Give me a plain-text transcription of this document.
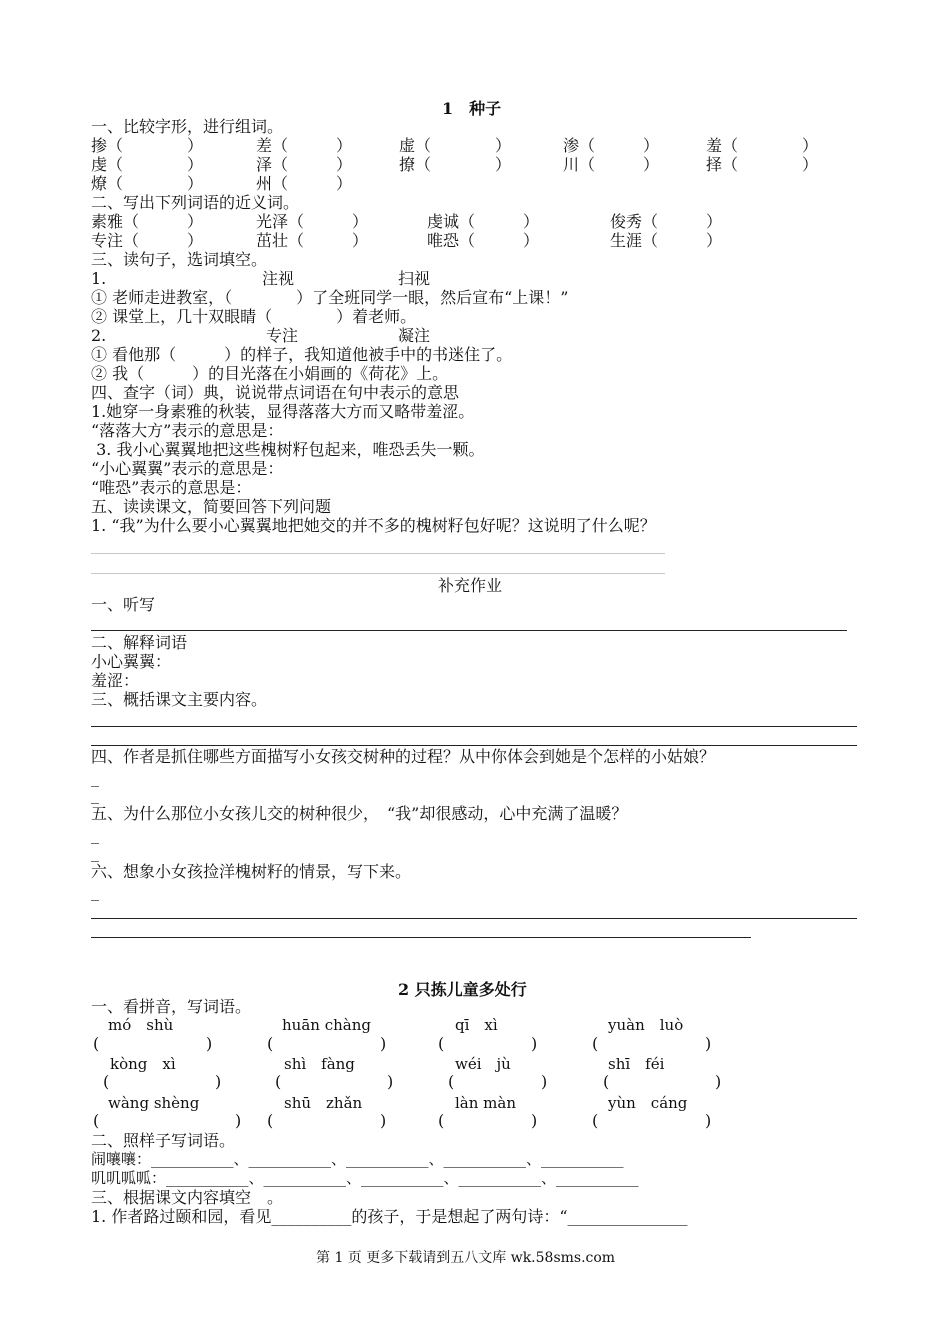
1　种子
一、比较字形，进行组词。
掺（　　　　）	差（　　　）	虚（　　　　）	渗（　　　）	羞（　　　　）
虔（　　　　）	泽（　　　）	撩（　　　　）	川（　　　）	择（　　　　）
燎（　　　　）	州（　　　）
二、写出下列词语的近义词。
素雅（　　　）	光泽（　　　）	虔诚（　　　）	俊秀（　　　）
专注（　　　）	茁壮（　　　）	唯恐（　　　）	生涯（　　　）
三、读句子，选词填空。
1.	注视	扫视
① 老师走进教室，（　　　　）了全班同学一眼，然后宣布“上课！”
② 课堂上，几十双眼睛（　　　　）着老师。
2.	专注	凝注
① 看他那（　　　）的样子，我知道他被手中的书迷住了。
② 我（　　　）的目光落在小娟画的《荷花》上。
四、查字（词）典，说说带点词语在句中表示的意思
1.她穿一身素雅的秋装，显得落落大方而又略带羞涩。
“落落大方”表示的意思是：
3. 我小心翼翼地把这些槐树籽包起来，唯恐丢失一颗。
“小心翼翼”表示的意思是：
“唯恐”表示的意思是：
五、读读课文，简要回答下列问题
1. “我”为什么要小心翼翼地把她交的并不多的槐树籽包好呢？这说明了什么呢？
补充作业
一、听写
二、解释词语
小心翼翼：
羞涩：
三、概括课文主要内容。
四、作者是抓住哪些方面描写小女孩交树种的过程？从中你体会到她是个怎样的小姑娘？
_
_
五、为什么那位小女孩儿交的树种很少，　“我”却很感动，心中充满了温暖？
_
_
六、想象小女孩捡洋槐树籽的情景，写下来。
_
2 只拣儿童多处行
一、看拼音，写词语。
mó　shù	huān chàng	qī　xì	yuàn　luò
(	)	(	)	(	)	(	)
kòng　xì	shì　fàng	wéi　jù	shī　féi
(	)	(	)	(	)	(	)
wàng shèng	shū　zhǎn	làn màn	yùn　cáng
(	) (	)	(	)	(	)
二、照样子写词语。
闹嚷嚷：___________、___________、___________、___________、___________
叽叽呱呱：___________、___________、___________、___________、___________
三、根据课文内容填空　。
1. 作者路过颐和园，看见__________的孩子，于是想起了两句诗：“_______________
第 1 页 更多下载请到五八文库 wk.58sms.com
